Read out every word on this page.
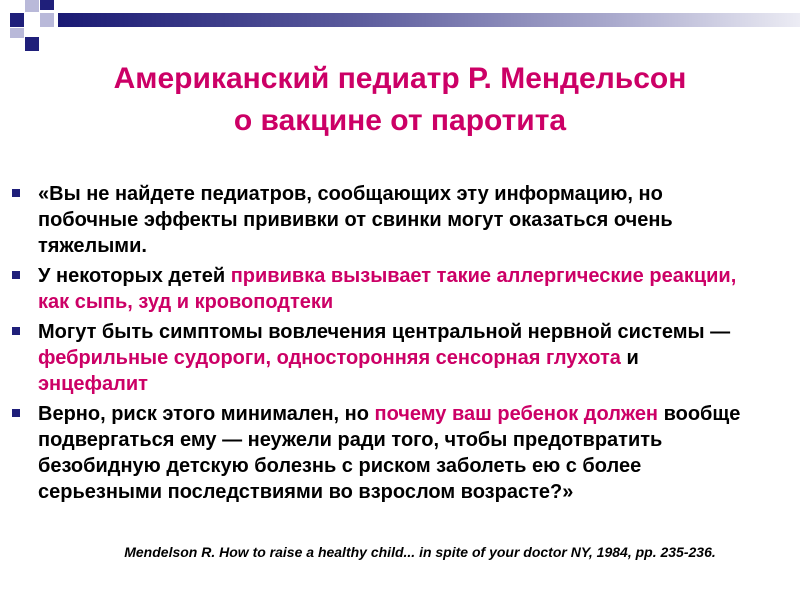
Американский педиатр Р. Мендельсон
о вакцине от паротита
«Вы не найдете педиатров, сообщающих эту информацию, но побочные эффекты прививки от свинки могут оказаться очень тяжелыми.
У некоторых детей прививка вызывает такие аллергические реакции, как сыпь, зуд и кровоподтеки
Могут быть симптомы вовлечения центральной нервной системы — фебрильные судороги, односторонняя сенсорная глухота и энцефалит
Верно, риск этого минимален, но почему ваш ребенок должен вообще подвергаться ему — неужели ради того, чтобы предотвратить безобидную детскую болезнь с риском заболеть ею с более серьезными последствиями во взрослом возрасте?»
Mendelson R. How to raise a healthy child... in spite of your doctor NY, 1984, pp. 235-236.
